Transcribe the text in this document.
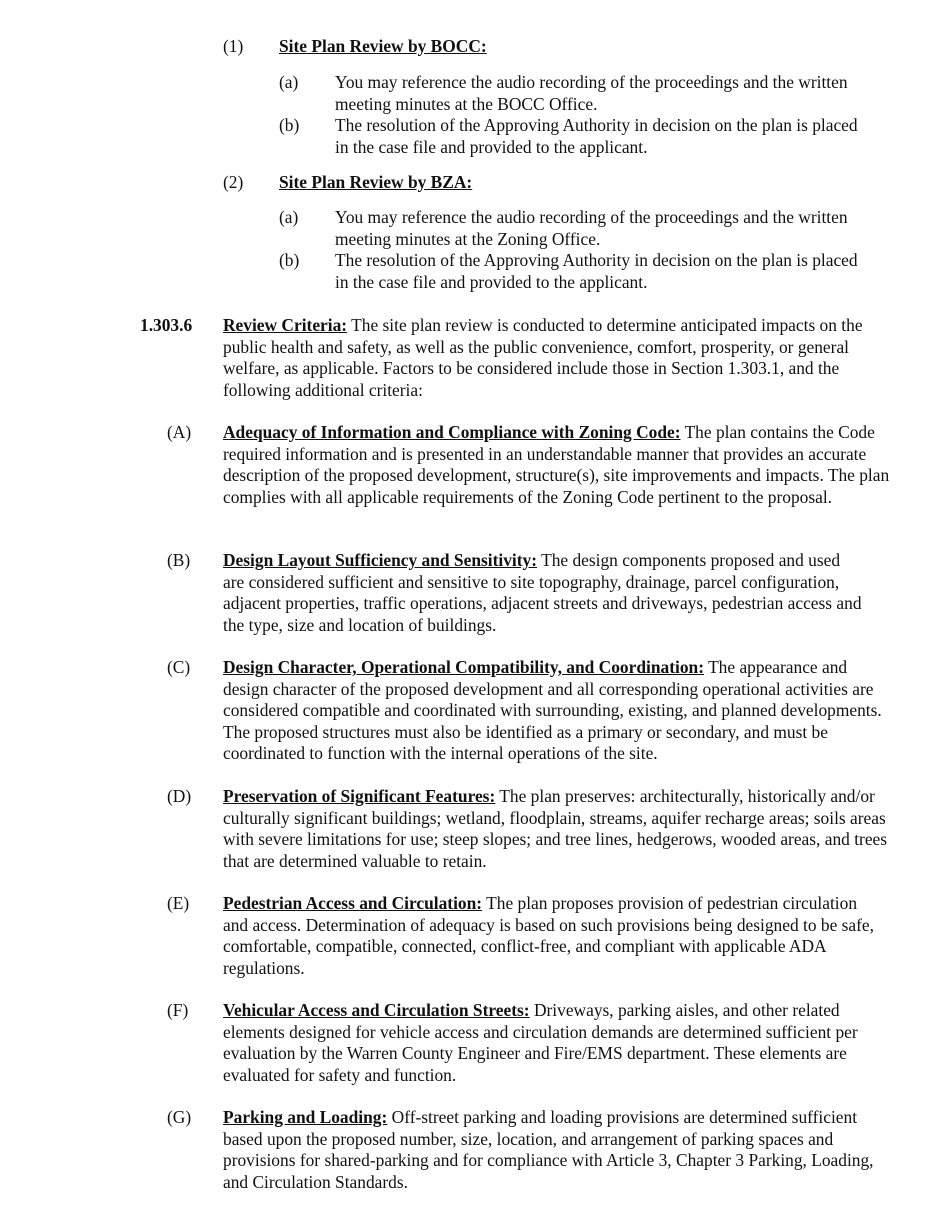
(1) Site Plan Review by BOCC:
(a) You may reference the audio recording of the proceedings and the written meeting minutes at the BOCC Office.
(b) The resolution of the Approving Authority in decision on the plan is placed in the case file and provided to the applicant.
(2) Site Plan Review by BZA:
(a) You may reference the audio recording of the proceedings and the written meeting minutes at the Zoning Office.
(b) The resolution of the Approving Authority in decision on the plan is placed in the case file and provided to the applicant.
1.303.6 Review Criteria: The site plan review is conducted to determine anticipated impacts on the public health and safety, as well as the public convenience, comfort, prosperity, or general welfare, as applicable. Factors to be considered include those in Section 1.303.1, and the following additional criteria:
(A) Adequacy of Information and Compliance with Zoning Code: The plan contains the Code required information and is presented in an understandable manner that provides an accurate description of the proposed development, structure(s), site improvements and impacts. The plan complies with all applicable requirements of the Zoning Code pertinent to the proposal.
(B) Design Layout Sufficiency and Sensitivity: The design components proposed and used are considered sufficient and sensitive to site topography, drainage, parcel configuration, adjacent properties, traffic operations, adjacent streets and driveways, pedestrian access and the type, size and location of buildings.
(C) Design Character, Operational Compatibility, and Coordination: The appearance and design character of the proposed development and all corresponding operational activities are considered compatible and coordinated with surrounding, existing, and planned developments. The proposed structures must also be identified as a primary or secondary, and must be coordinated to function with the internal operations of the site.
(D) Preservation of Significant Features: The plan preserves: architecturally, historically and/or culturally significant buildings; wetland, floodplain, streams, aquifer recharge areas; soils areas with severe limitations for use; steep slopes; and tree lines, hedgerows, wooded areas, and trees that are determined valuable to retain.
(E) Pedestrian Access and Circulation: The plan proposes provision of pedestrian circulation and access. Determination of adequacy is based on such provisions being designed to be safe, comfortable, compatible, connected, conflict-free, and compliant with applicable ADA regulations.
(F) Vehicular Access and Circulation Streets: Driveways, parking aisles, and other related elements designed for vehicle access and circulation demands are determined sufficient per evaluation by the Warren County Engineer and Fire/EMS department. These elements are evaluated for safety and function.
(G) Parking and Loading: Off-street parking and loading provisions are determined sufficient based upon the proposed number, size, location, and arrangement of parking spaces and provisions for shared-parking and for compliance with Article 3, Chapter 3 Parking, Loading, and Circulation Standards.
